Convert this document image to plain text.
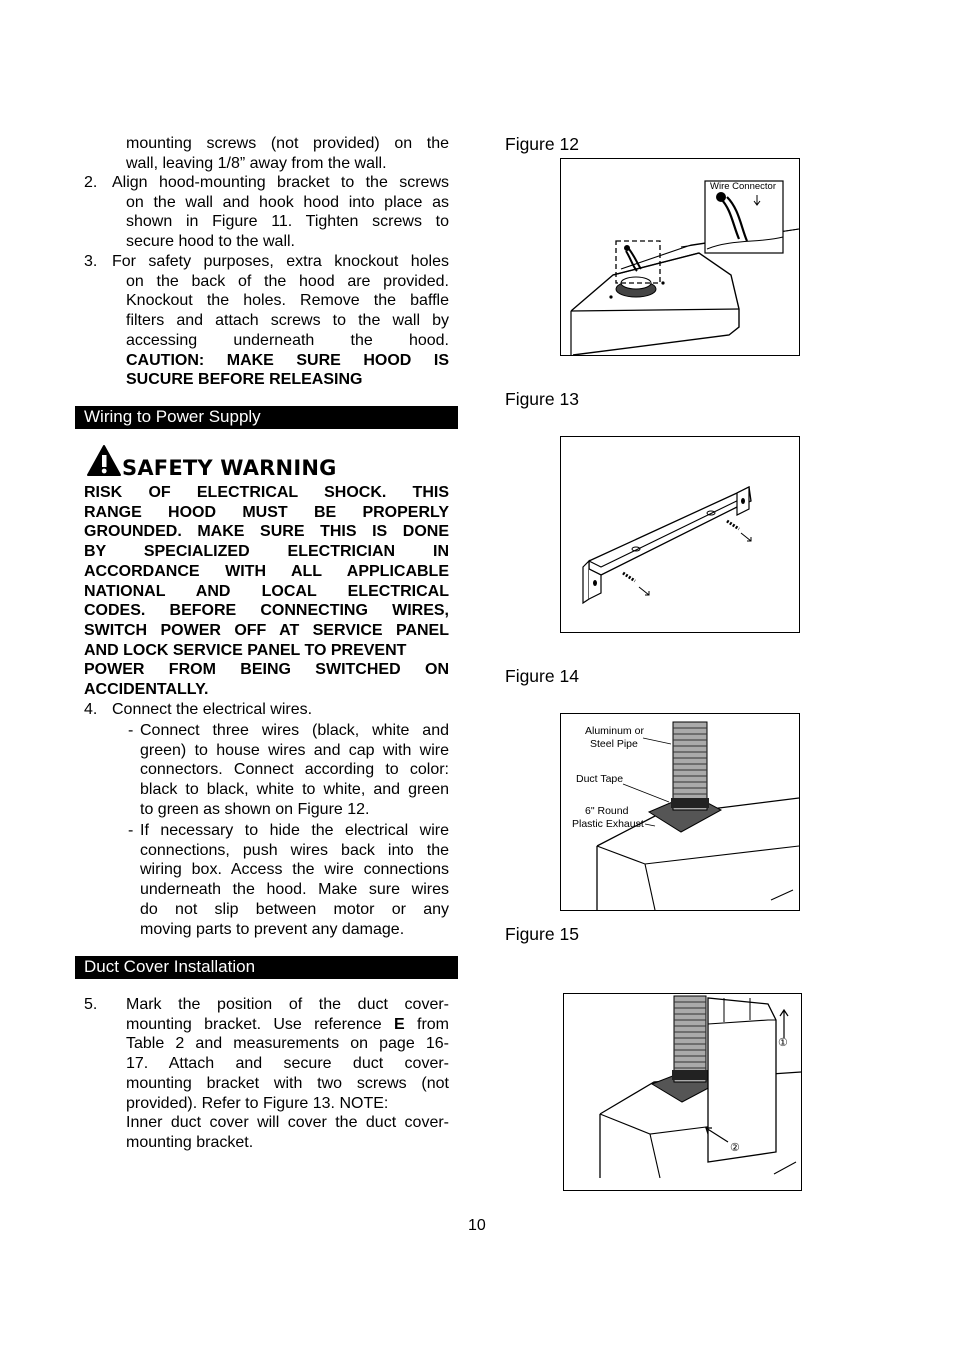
mounting screws (not provided) on the
wall, leaving 1/8” away from the wall.
2. Align hood-mounting bracket to the screws
on the wall and hook hood into place as
shown in Figure 11. Tighten screws to
secure hood to the wall.
3. For safety purposes, extra knockout holes
on the back of the hood are provided.
Knockout the holes. Remove the baffle
filters and attach screws to the wall by
accessing underneath the hood.
CAUTION: MAKE SURE HOOD IS
SUCURE BEFORE RELEASING
Wiring to Power Supply
SAFETY WARNING
RISK OF ELECTRICAL SHOCK. THIS
RANGE HOOD MUST BE PROPERLY
GROUNDED. MAKE SURE THIS IS DONE
BY SPECIALIZED ELECTRICIAN IN
ACCORDANCE WITH ALL APPLICABLE
NATIONAL AND LOCAL ELECTRICAL
CODES. BEFORE CONNECTING WIRES,
SWITCH POWER OFF AT SERVICE PANEL
AND LOCK SERVICE PANEL TO PREVENT
POWER FROM BEING SWITCHED ON
ACCIDENTALLY.
4. Connect the electrical wires.
- Connect three wires (black, white and
green) to house wires and cap with wire
connectors. Connect according to color:
black to black, white to white, and green
to green as shown on Figure 12.
- If necessary to hide the electrical wire
connections, push wires back into the
wiring box. Access the wire connections
underneath the hood. Make sure wires
do not slip between motor or any
moving parts to prevent any damage.
Duct Cover Installation
5. Mark the position of the duct cover-
mounting bracket. Use reference E from
Table 2 and measurements on page 16-
17. Attach and secure duct cover-
mounting bracket with two screws (not
provided). Refer to Figure 13. NOTE:
Inner duct cover will cover the duct cover-
mounting bracket.
Figure 12
Wire Connector
Figure 13
Figure 14
Aluminum or
Steel Pipe
Duct Tape
6" Round
Plastic Exhaust
Figure 15
①
②
10
